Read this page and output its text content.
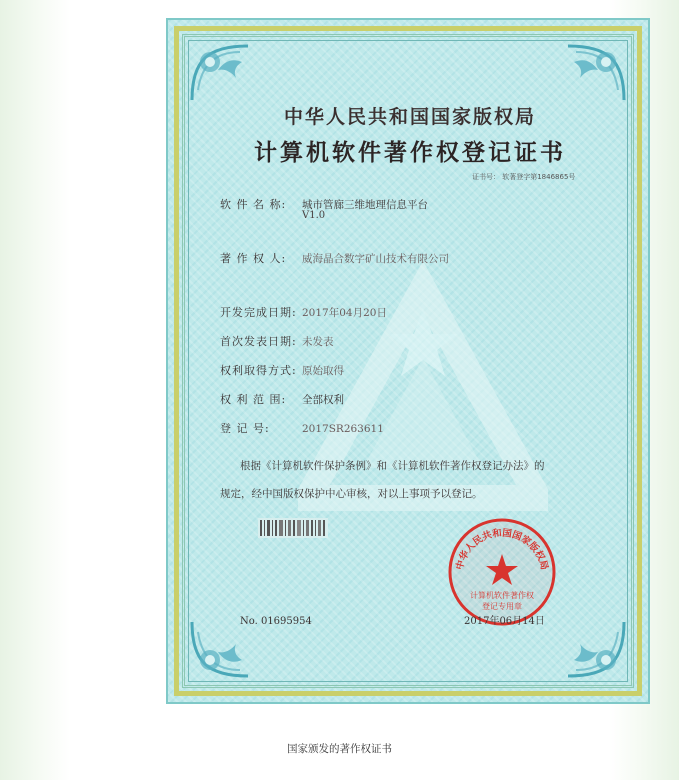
中华人民共和国国家版权局
计算机软件著作权登记证书
证书号： 软著登字第1846865号
软 件 名 称: 城市管廊三维地理信息平台
V1.0
著 作 权 人: 威海晶合数字矿山技术有限公司
开发完成日期: 2017年04月20日
首次发表日期: 未发表
权利取得方式: 原始取得
权 利 范 围: 全部权利
登 记 号:	2017SR263611
根据《计算机软件保护条例》和《计算机软件著作权登记办法》的
规定，经中国版权保护中心审核，对以上事项予以登记。
No. 01695954
中华人民共和国国家版权局
计算机软件著作权
登记专用章
2017年06月14日
国家颁发的著作权证书
